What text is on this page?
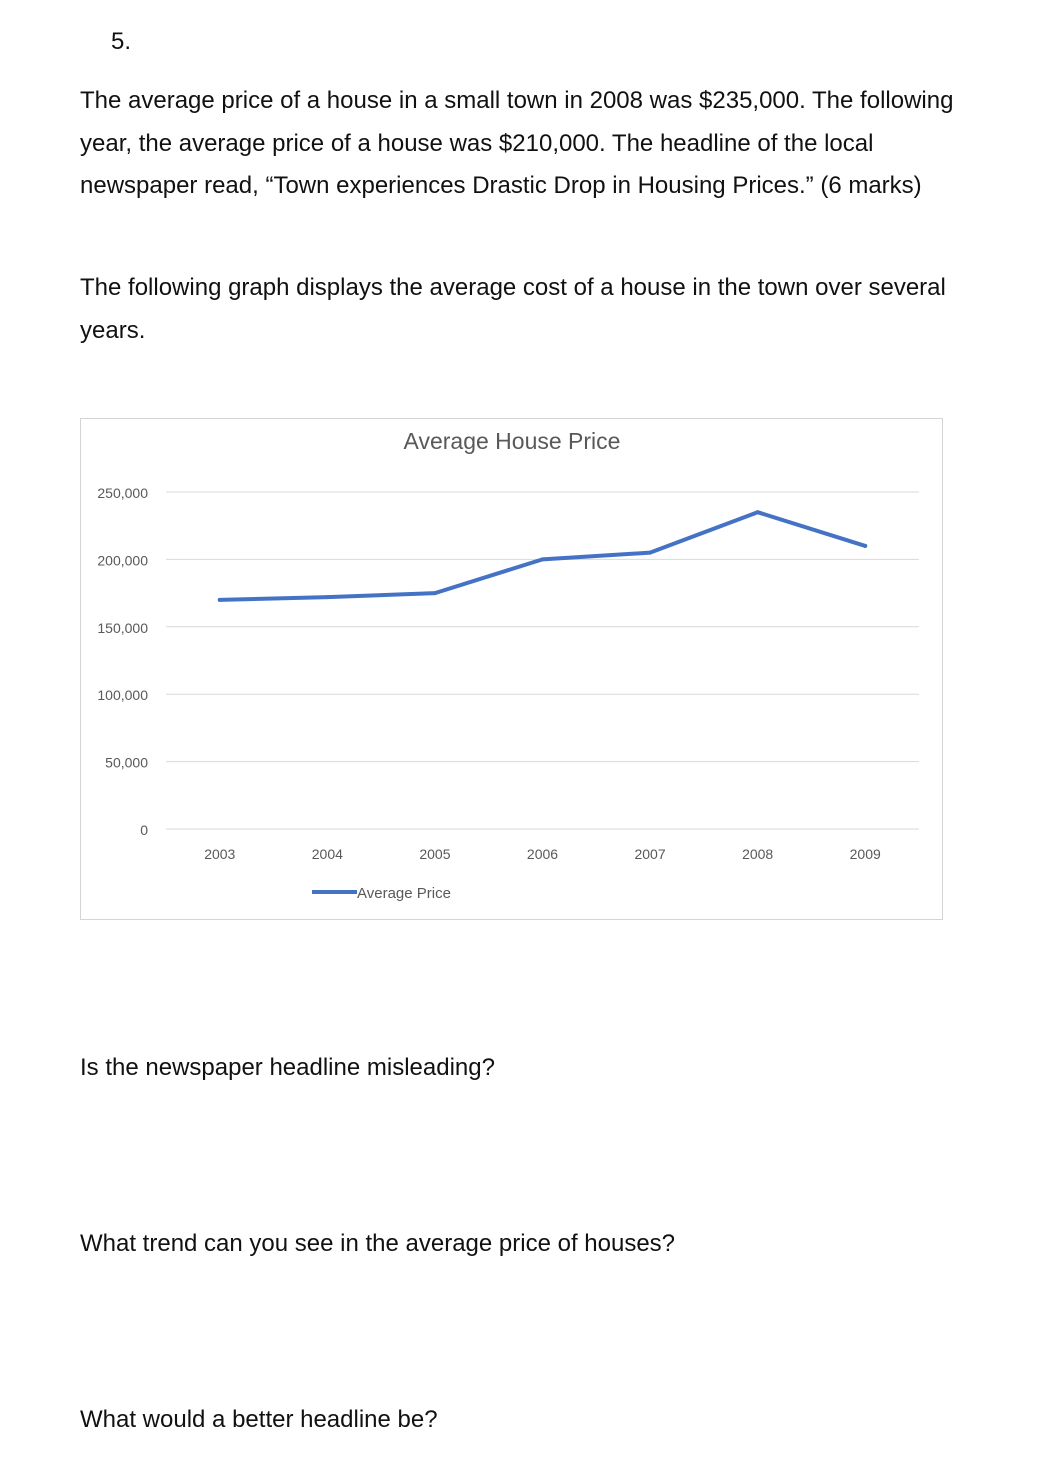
5.

The average price of a house in a small town in 2008 was $235,000. The following year, the average price of a house was $210,000. The headline of the local newspaper read, “Town experiences Drastic Drop in Housing Prices.” (6 marks)

The following graph displays the average cost of a house in the town over several years.

Average House Price
0
50,000
100,000
150,000
200,000
250,000
2003	2004	2005	2006	2007	2008	2009
Average Price

Is the newspaper headline misleading?

What trend can you see in the average price of houses?

What would a better headline be?
